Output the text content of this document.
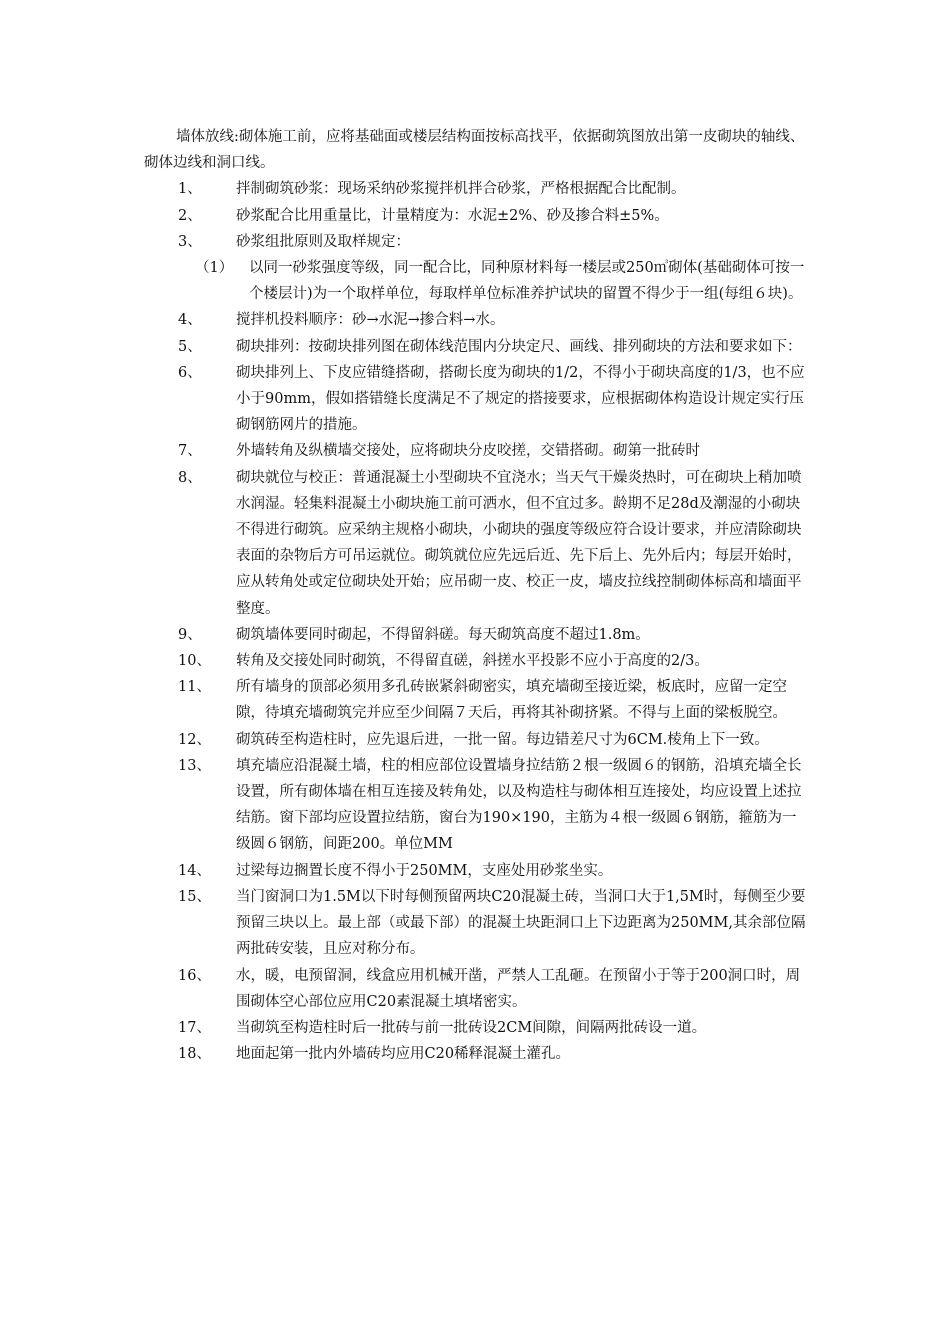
墙体放线:砌体施工前，应将基础面或楼层结构面按标高找平，依据砌筑图放出第一皮砌块的轴线、砌体边线和洞口线。

1、	拌制砌筑砂浆：现场采纳砂浆搅拌机拌合砂浆，严格根据配合比配制。
2、	砂浆配合比用重量比，计量精度为：水泥±2%、砂及掺合料±5%。
3、	砂浆组批原则及取样规定：
（1）	以同一砂浆强度等级，同一配合比，同种原材料每一楼层或250㎥砌体(基础砌体可按一个楼层计)为一个取样单位，每取样单位标准养护试块的留置不得少于一组(每组６块)。
4、	搅拌机投料顺序：砂→水泥→掺合料→水。
5、	砌块排列：按砌块排列图在砌体线范围内分块定尺、画线、排列砌块的方法和要求如下：
6、	砌块排列上、下皮应错缝搭砌，搭砌长度为砌块的1/2，不得小于砌块高度的1/3，也不应小于90mm，假如搭错缝长度满足不了规定的搭接要求，应根据砌体构造设计规定实行压砌钢筋网片的措施。
7、	外墙转角及纵横墙交接处，应将砌块分皮咬搓，交错搭砌。砌第一批砖时
8、	砌块就位与校正：普通混凝土小型砌块不宜浇水；当天气干燥炎热时，可在砌块上稍加喷水润湿。轻集料混凝土小砌块施工前可洒水，但不宜过多。龄期不足28d及潮湿的小砌块不得进行砌筑。应采纳主规格小砌块，小砌块的强度等级应符合设计要求，并应清除砌块表面的杂物后方可吊运就位。砌筑就位应先远后近、先下后上、先外后内；每层开始时，应从转角处或定位砌块处开始；应吊砌一皮、校正一皮，墙皮拉线控制砌体标高和墙面平整度。
9、	砌筑墙体要同时砌起，不得留斜磋。每天砌筑高度不超过1.8m。
10、	转角及交接处同时砌筑，不得留直磋，斜搓水平投影不应小于高度的2/3。
11、	所有墙身的顶部必须用多孔砖嵌紧斜砌密实，填充墙砌至接近梁，板底时，应留一定空隙，待填充墙砌筑完并应至少间隔７天后，再将其补砌挤紧。不得与上面的梁板脱空。
12、	砌筑砖至构造柱时，应先退后进，一批一留。每边错差尺寸为6CM.棱角上下一致。
13、	填充墙应沿混凝土墙，柱的相应部位设置墙身拉结筋２根一级圆６的钢筋，沿填充墙全长设置，所有砌体墙在相互连接及转角处，以及构造柱与砌体相互连接处，均应设置上述拉结筋。窗下部均应设置拉结筋，窗台为190×190，主筋为４根一级圆６钢筋，箍筋为一级圆６钢筋，间距200。单位MM
14、	过梁每边搁置长度不得小于250MM，支座处用砂浆坐实。
15、	当门窗洞口为1.5M以下时每侧预留两块C20混凝土砖，当洞口大于1,5M时，每侧至少要预留三块以上。最上部（或最下部）的混凝土块距洞口上下边距离为250MM,其余部位隔两批砖安装，且应对称分布。
16、	水，暖，电预留洞，线盒应用机械开凿，严禁人工乱砸。在预留小于等于200洞口时，周围砌体空心部位应用C20素混凝土填堵密实。
17、	当砌筑至构造柱时后一批砖与前一批砖设2CM间隙，间隔两批砖设一道。
18、	地面起第一批内外墙砖均应用C20稀释混凝土灌孔。
